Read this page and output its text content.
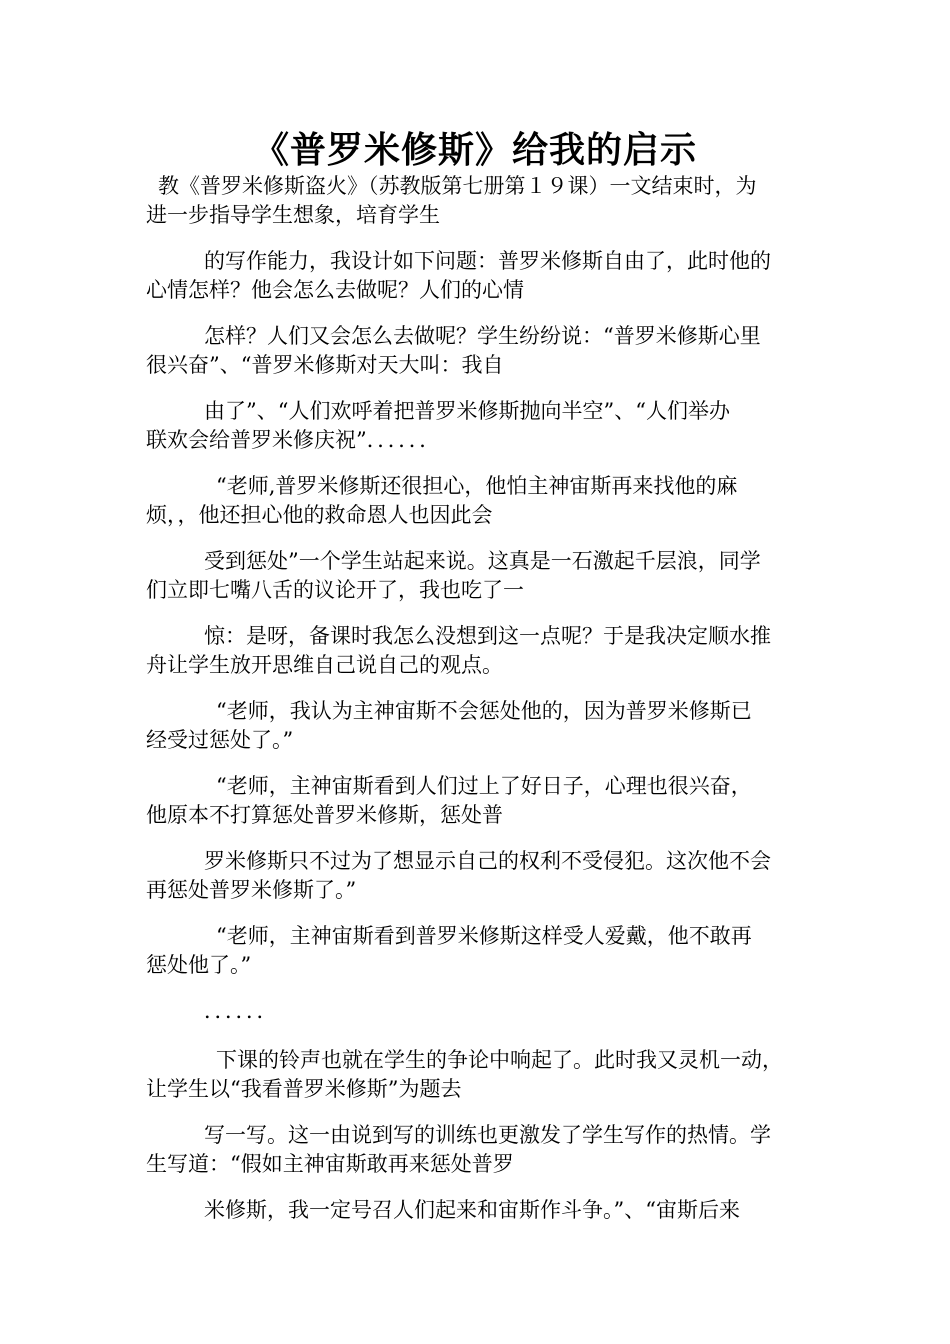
《普罗米修斯》给我的启示
教《普罗米修斯盗火》（苏教版第七册第１９课）一文结束时，为
进一步指导学生想象，培育学生
的写作能力，我设计如下问题：普罗米修斯自由了，此时他的
心情怎样？他会怎么去做呢？人们的心情
怎样？人们又会怎么去做呢？学生纷纷说：“普罗米修斯心里
很兴奋”、“普罗米修斯对天大叫：我自
由了”、“人们欢呼着把普罗米修斯抛向半空”、“人们举办
联欢会给普罗米修庆祝”．．．．．．
“老师,普罗米修斯还很担心，他怕主神宙斯再来找他的麻
烦，，他还担心他的救命恩人也因此会
受到惩处”一个学生站起来说。这真是一石激起千层浪，同学
们立即七嘴八舌的议论开了，我也吃了一
惊：是呀，备课时我怎么没想到这一点呢？于是我决定顺水推
舟让学生放开思维自己说自己的观点。
“老师，我认为主神宙斯不会惩处他的，因为普罗米修斯已
经受过惩处了。”
“老师，主神宙斯看到人们过上了好日子，心理也很兴奋，
他原本不打算惩处普罗米修斯，惩处普
罗米修斯只不过为了想显示自己的权利不受侵犯。这次他不会
再惩处普罗米修斯了。”
“老师，主神宙斯看到普罗米修斯这样受人爱戴，他不敢再
惩处他了。”
．．．．．．
下课的铃声也就在学生的争论中响起了。此时我又灵机一动，
让学生以“我看普罗米修斯”为题去
写一写。这一由说到写的训练也更激发了学生写作的热情。学
生写道：“假如主神宙斯敢再来惩处普罗
米修斯，我一定号召人们起来和宙斯作斗争。”、“宙斯后来
